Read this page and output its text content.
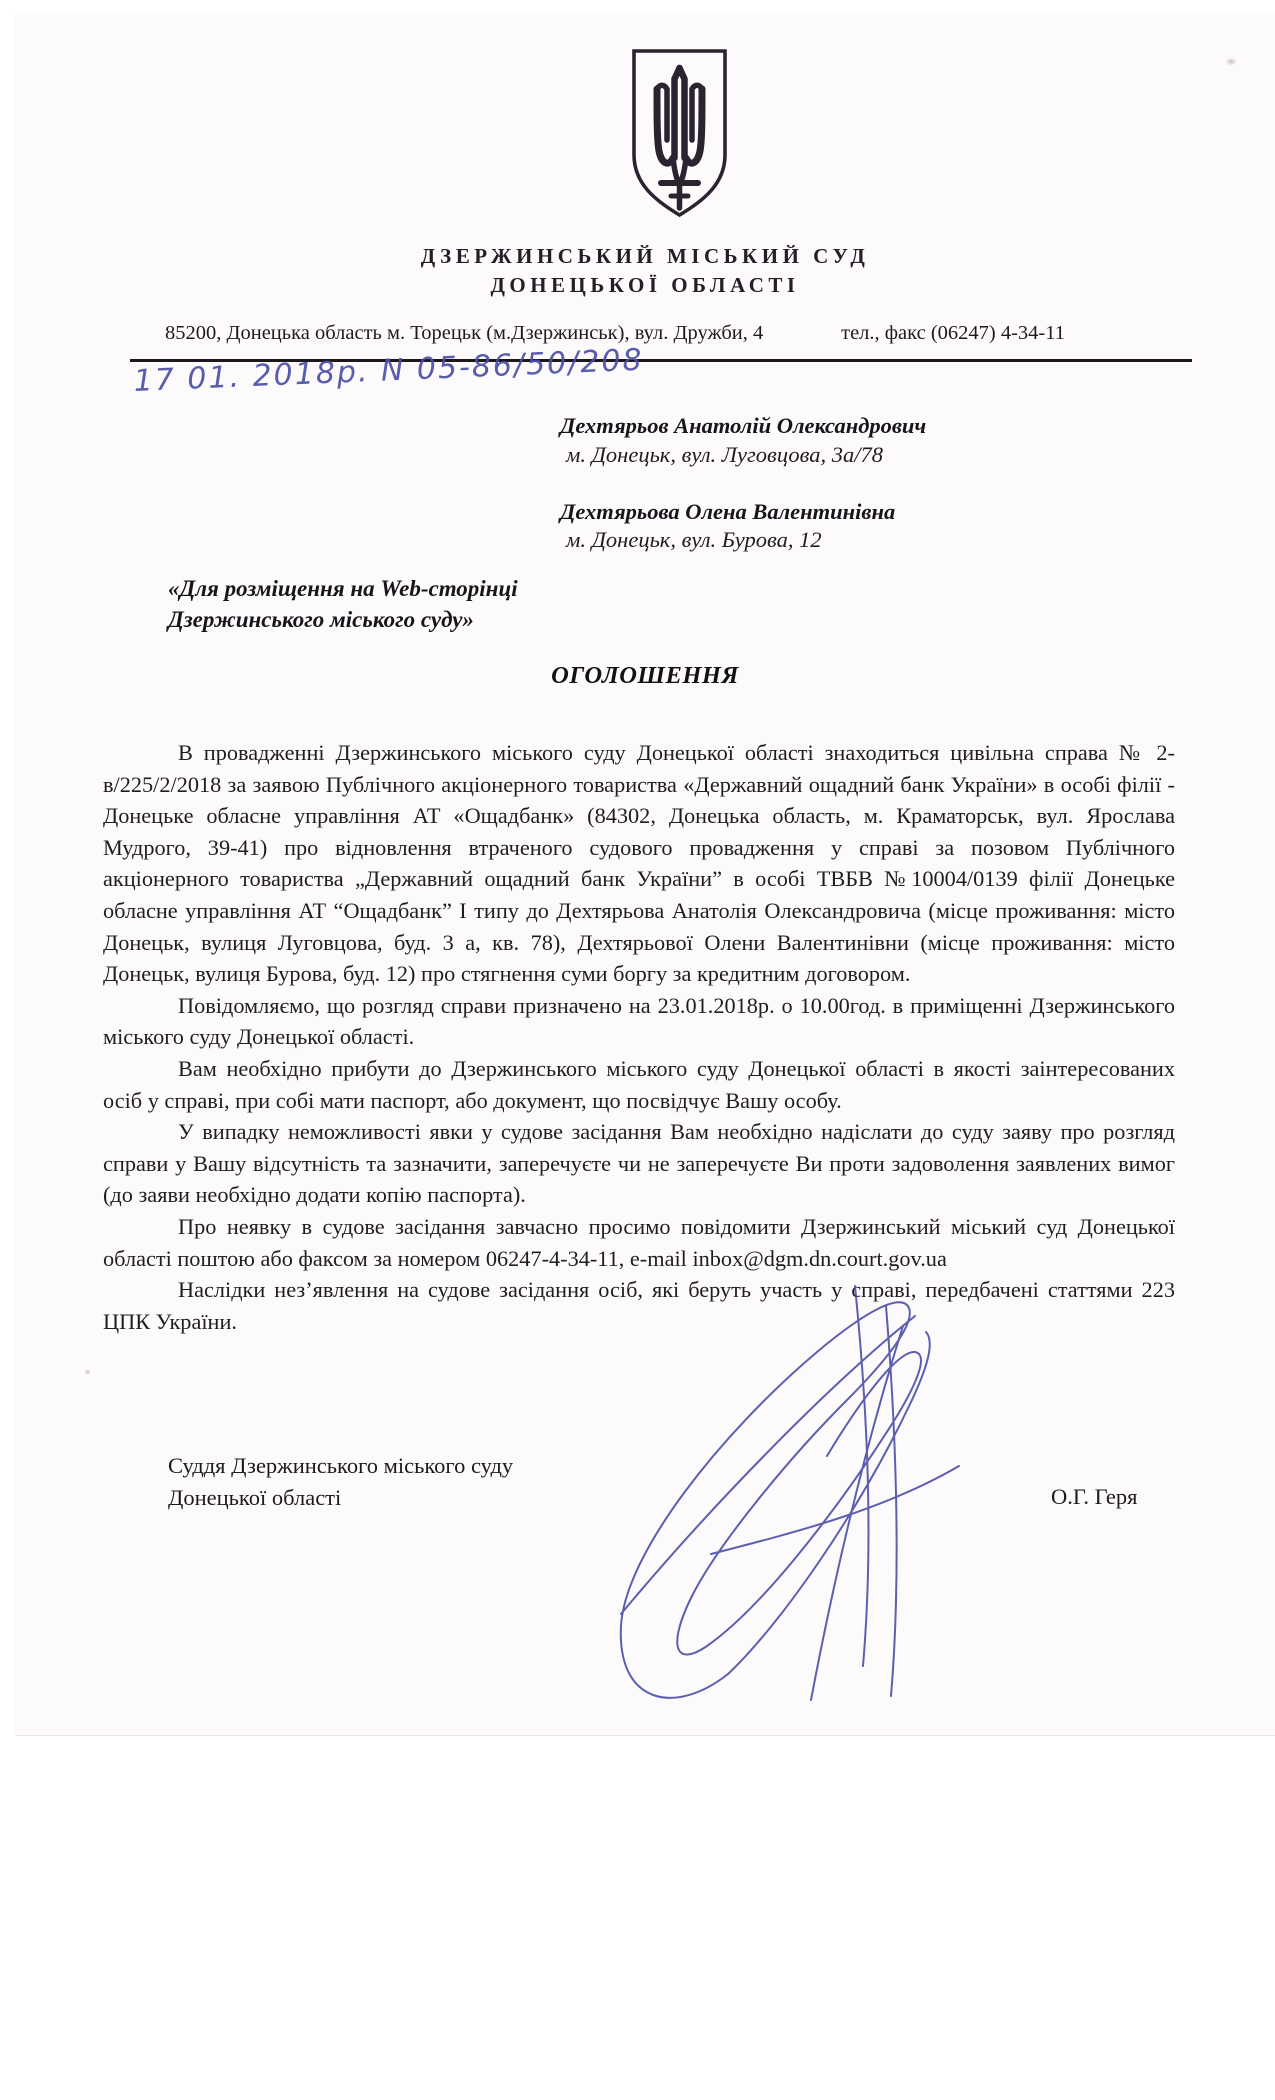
ДЗЕРЖИНСЬКИЙ МІСЬКИЙ СУД
ДОНЕЦЬКОЇ ОБЛАСТІ
85200, Донецька область м. Торецьк (м.Дзержинськ), вул. Дружби, 4	тел., факс (06247) 4-34-11
17 01. 2018р. N 05-86/50/208
Дехтярьов Анатолій Олександрович
м. Донецьк, вул. Луговцова, 3а/78
Дехтярьова Олена Валентинівна
м. Донецьк, вул. Бурова, 12
«Для розміщення на Web-сторінці
Дзержинського міського суду»
ОГОЛОШЕННЯ

В провадженні Дзержинського міського суду Донецької області знаходиться цивільна справа № 2-в/225/2/2018 за заявою Публічного акціонерного товариства «Державний ощадний банк України» в особі філії - Донецьке обласне управління АТ «Ощадбанк» (84302, Донецька область, м. Краматорськ, вул. Ярослава Мудрого, 39-41) про відновлення втраченого судового провадження у справі за позовом Публічного акціонерного товариства „Державний ощадний банк України” в особі ТВБВ №10004/0139 філії Донецьке обласне управління АТ “Ощадбанк” І типу до Дехтярьова Анатолія Олександровича (місце проживання: місто Донецьк, вулиця Луговцова, буд. 3 а, кв. 78), Дехтярьової Олени Валентинівни (місце проживання: місто Донецьк, вулиця Бурова, буд. 12) про стягнення суми боргу за кредитним договором.

Повідомляємо, що розгляд справи призначено на 23.01.2018р. о 10.00год. в приміщенні Дзержинського міського суду Донецької області.

Вам необхідно прибути до Дзержинського міського суду Донецької області в якості заінтересованих осіб у справі, при собі мати паспорт, або документ, що посвідчує Вашу особу.

У випадку неможливості явки у судове засідання Вам необхідно надіслати до суду заяву про розгляд справи у Вашу відсутність та зазначити, заперечуєте чи не заперечуєте Ви проти задоволення заявлених вимог (до заяви необхідно додати копію паспорта).

Про неявку в судове засідання завчасно просимо повідомити Дзержинський міський суд Донецької області поштою або факсом за номером 06247-4-34-11, e-mail inbox@dgm.dn.court.gov.ua

Наслідки нез’явлення на судове засідання осіб, які беруть участь у справі, передбачені статтями 223 ЦПК України.

Суддя Дзержинського міського суду
Донецької області	О.Г. Геря
